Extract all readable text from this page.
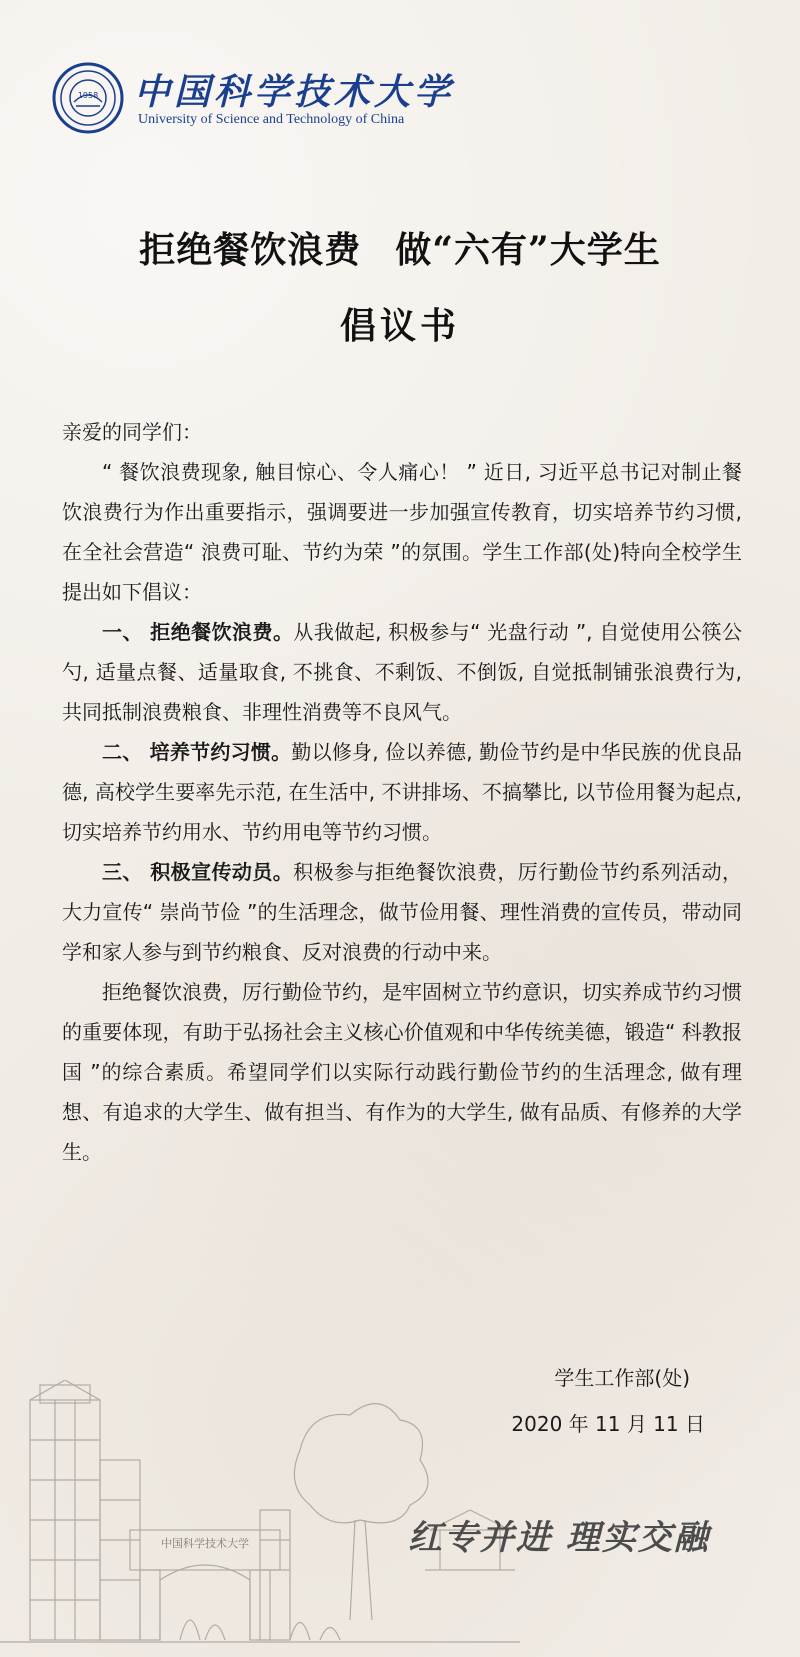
1958 中国科学技术大学
University of Science and Technology of China
拒绝餐饮浪费 做“六有”大学生
倡议书
亲爱的同学们：

“ 餐饮浪费现象, 触目惊心、令人痛心！ ” 近日, 习近平总书记对制止餐饮浪费行为作出重要指示，强调要进一步加强宣传教育，切实培养节约习惯, 在全社会营造“ 浪费可耻、节约为荣 ”的氛围。学生工作部(处)特向全校学生提出如下倡议：

一、 拒绝餐饮浪费。从我做起, 积极参与“ 光盘行动 ”, 自觉使用公筷公勺, 适量点餐、适量取食, 不挑食、不剩饭、不倒饭, 自觉抵制铺张浪费行为, 共同抵制浪费粮食、非理性消费等不良风气。

二、 培养节约习惯。勤以修身, 俭以养德, 勤俭节约是中华民族的优良品德, 高校学生要率先示范, 在生活中, 不讲排场、不搞攀比, 以节俭用餐为起点, 切实培养节约用水、节约用电等节约习惯。

三、 积极宣传动员。积极参与拒绝餐饮浪费，厉行勤俭节约系列活动，大力宣传“ 崇尚节俭 ”的生活理念，做节俭用餐、理性消费的宣传员，带动同学和家人参与到节约粮食、反对浪费的行动中来。

拒绝餐饮浪费，厉行勤俭节约，是牢固树立节约意识，切实养成节约习惯的重要体现，有助于弘扬社会主义核心价值观和中华传统美德，锻造“ 科教报国 ”的综合素质。希望同学们以实际行动践行勤俭节约的生活理念, 做有理想、有追求的大学生、做有担当、有作为的大学生, 做有品质、有修养的大学生。

学生工作部(处)
2020 年 11 月 11 日
中国科学技术大学	红专并进 理实交融
